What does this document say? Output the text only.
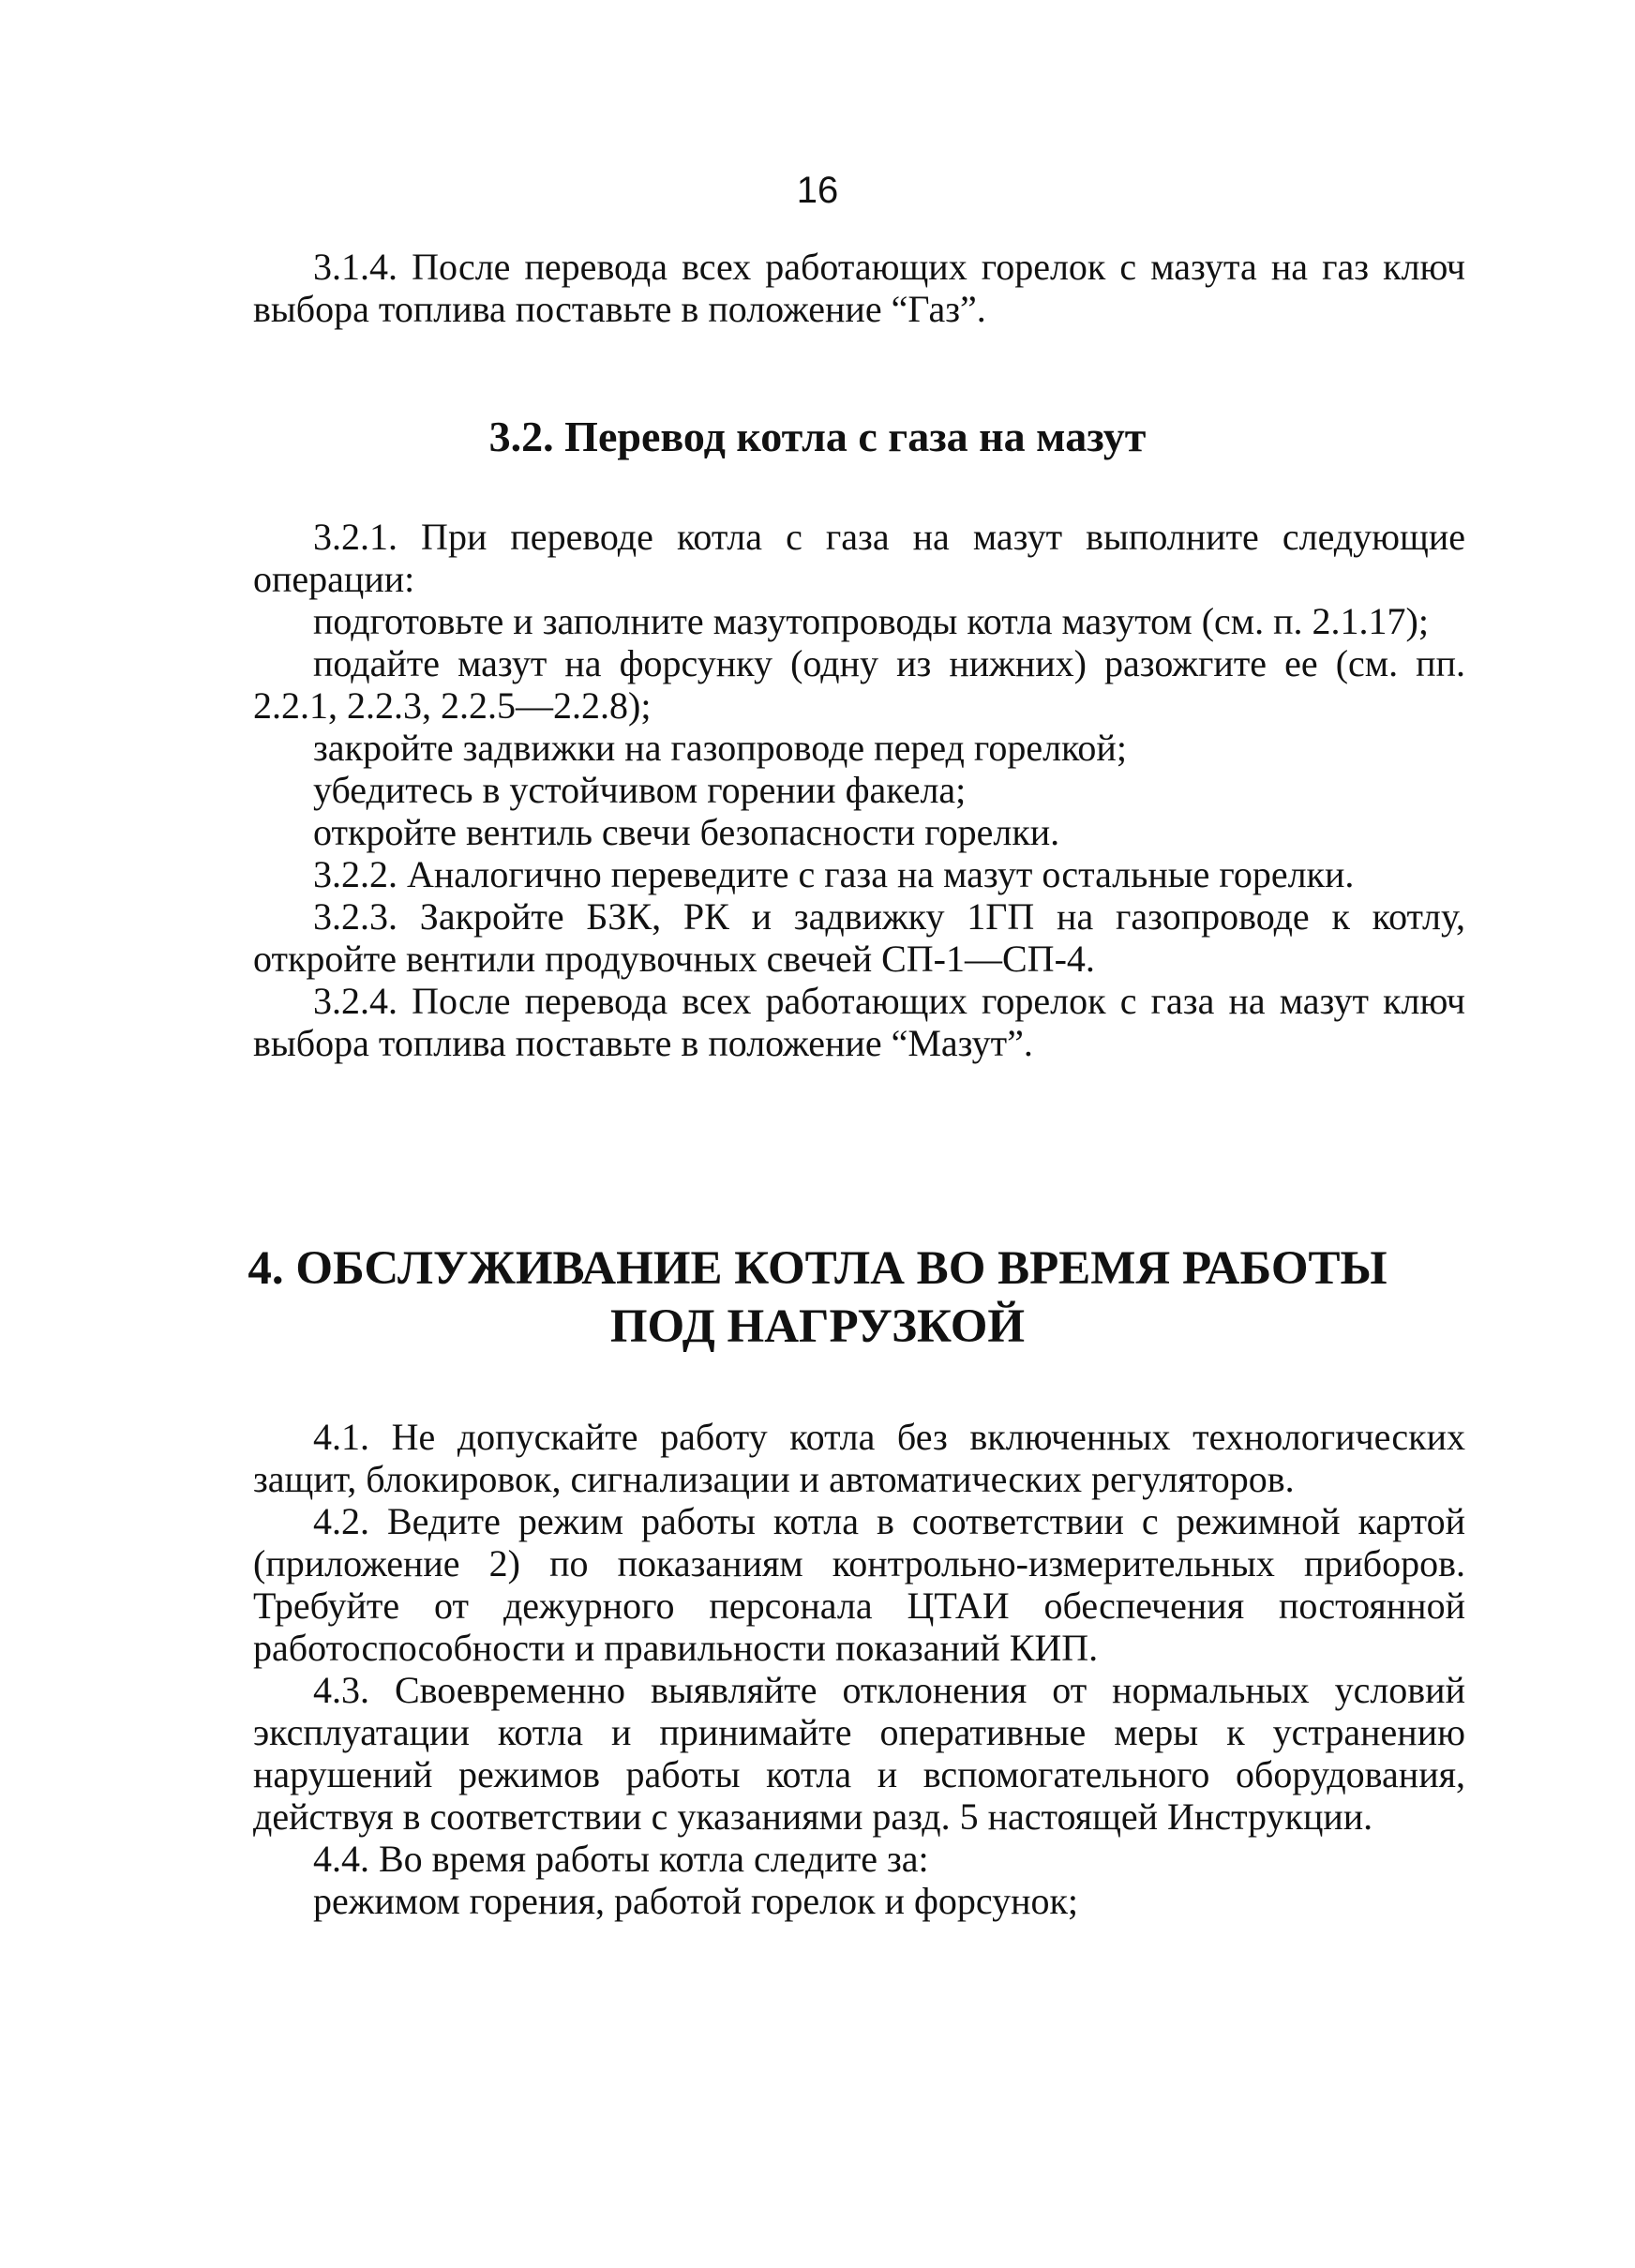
16

3.1.4. После перевода всех работающих горелок с мазута на газ ключ выбора топлива поставьте в положение “Газ”.

3.2. Перевод котла с газа на мазут

3.2.1. При переводе котла с газа на мазут выполните следующие операции:

подготовьте и заполните мазутопроводы котла мазутом (см. п. 2.1.17);

подайте мазут на форсунку (одну из нижних) разожгите ее (см. пп. 2.2.1, 2.2.3, 2.2.5—2.2.8);

закройте задвижки на газопроводе перед горелкой;

убедитесь в устойчивом горении факела;

откройте вентиль свечи безопасности горелки.

3.2.2. Аналогично переведите с газа на мазут остальные горелки.

3.2.3. Закройте БЗК, РК и задвижку 1ГП на газопроводе к котлу, откройте вентили продувочных свечей СП-1—СП-4.

3.2.4. После перевода всех работающих горелок с газа на мазут ключ выбора топлива поставьте в положение “Мазут”.

4. ОБСЛУЖИВАНИЕ КОТЛА ВО ВРЕМЯ РАБОТЫ
ПОД НАГРУЗКОЙ

4.1. Не допускайте работу котла без включенных технологических защит, блокировок, сигнализации и автоматических регуляторов.

4.2. Ведите режим работы котла в соответствии с режимной картой (приложение 2) по показаниям контрольно-измерительных приборов. Требуйте от дежурного персонала ЦТАИ обеспечения постоянной работоспособности и правильности показаний КИП.

4.3. Своевременно выявляйте отклонения от нормальных условий эксплуатации котла и принимайте оперативные меры к устранению нарушений режимов работы котла и вспомогательного оборудования, действуя в соответствии с указаниями разд. 5 настоящей Инструкции.

4.4. Во время работы котла следите за:

режимом горения, работой горелок и форсунок;
